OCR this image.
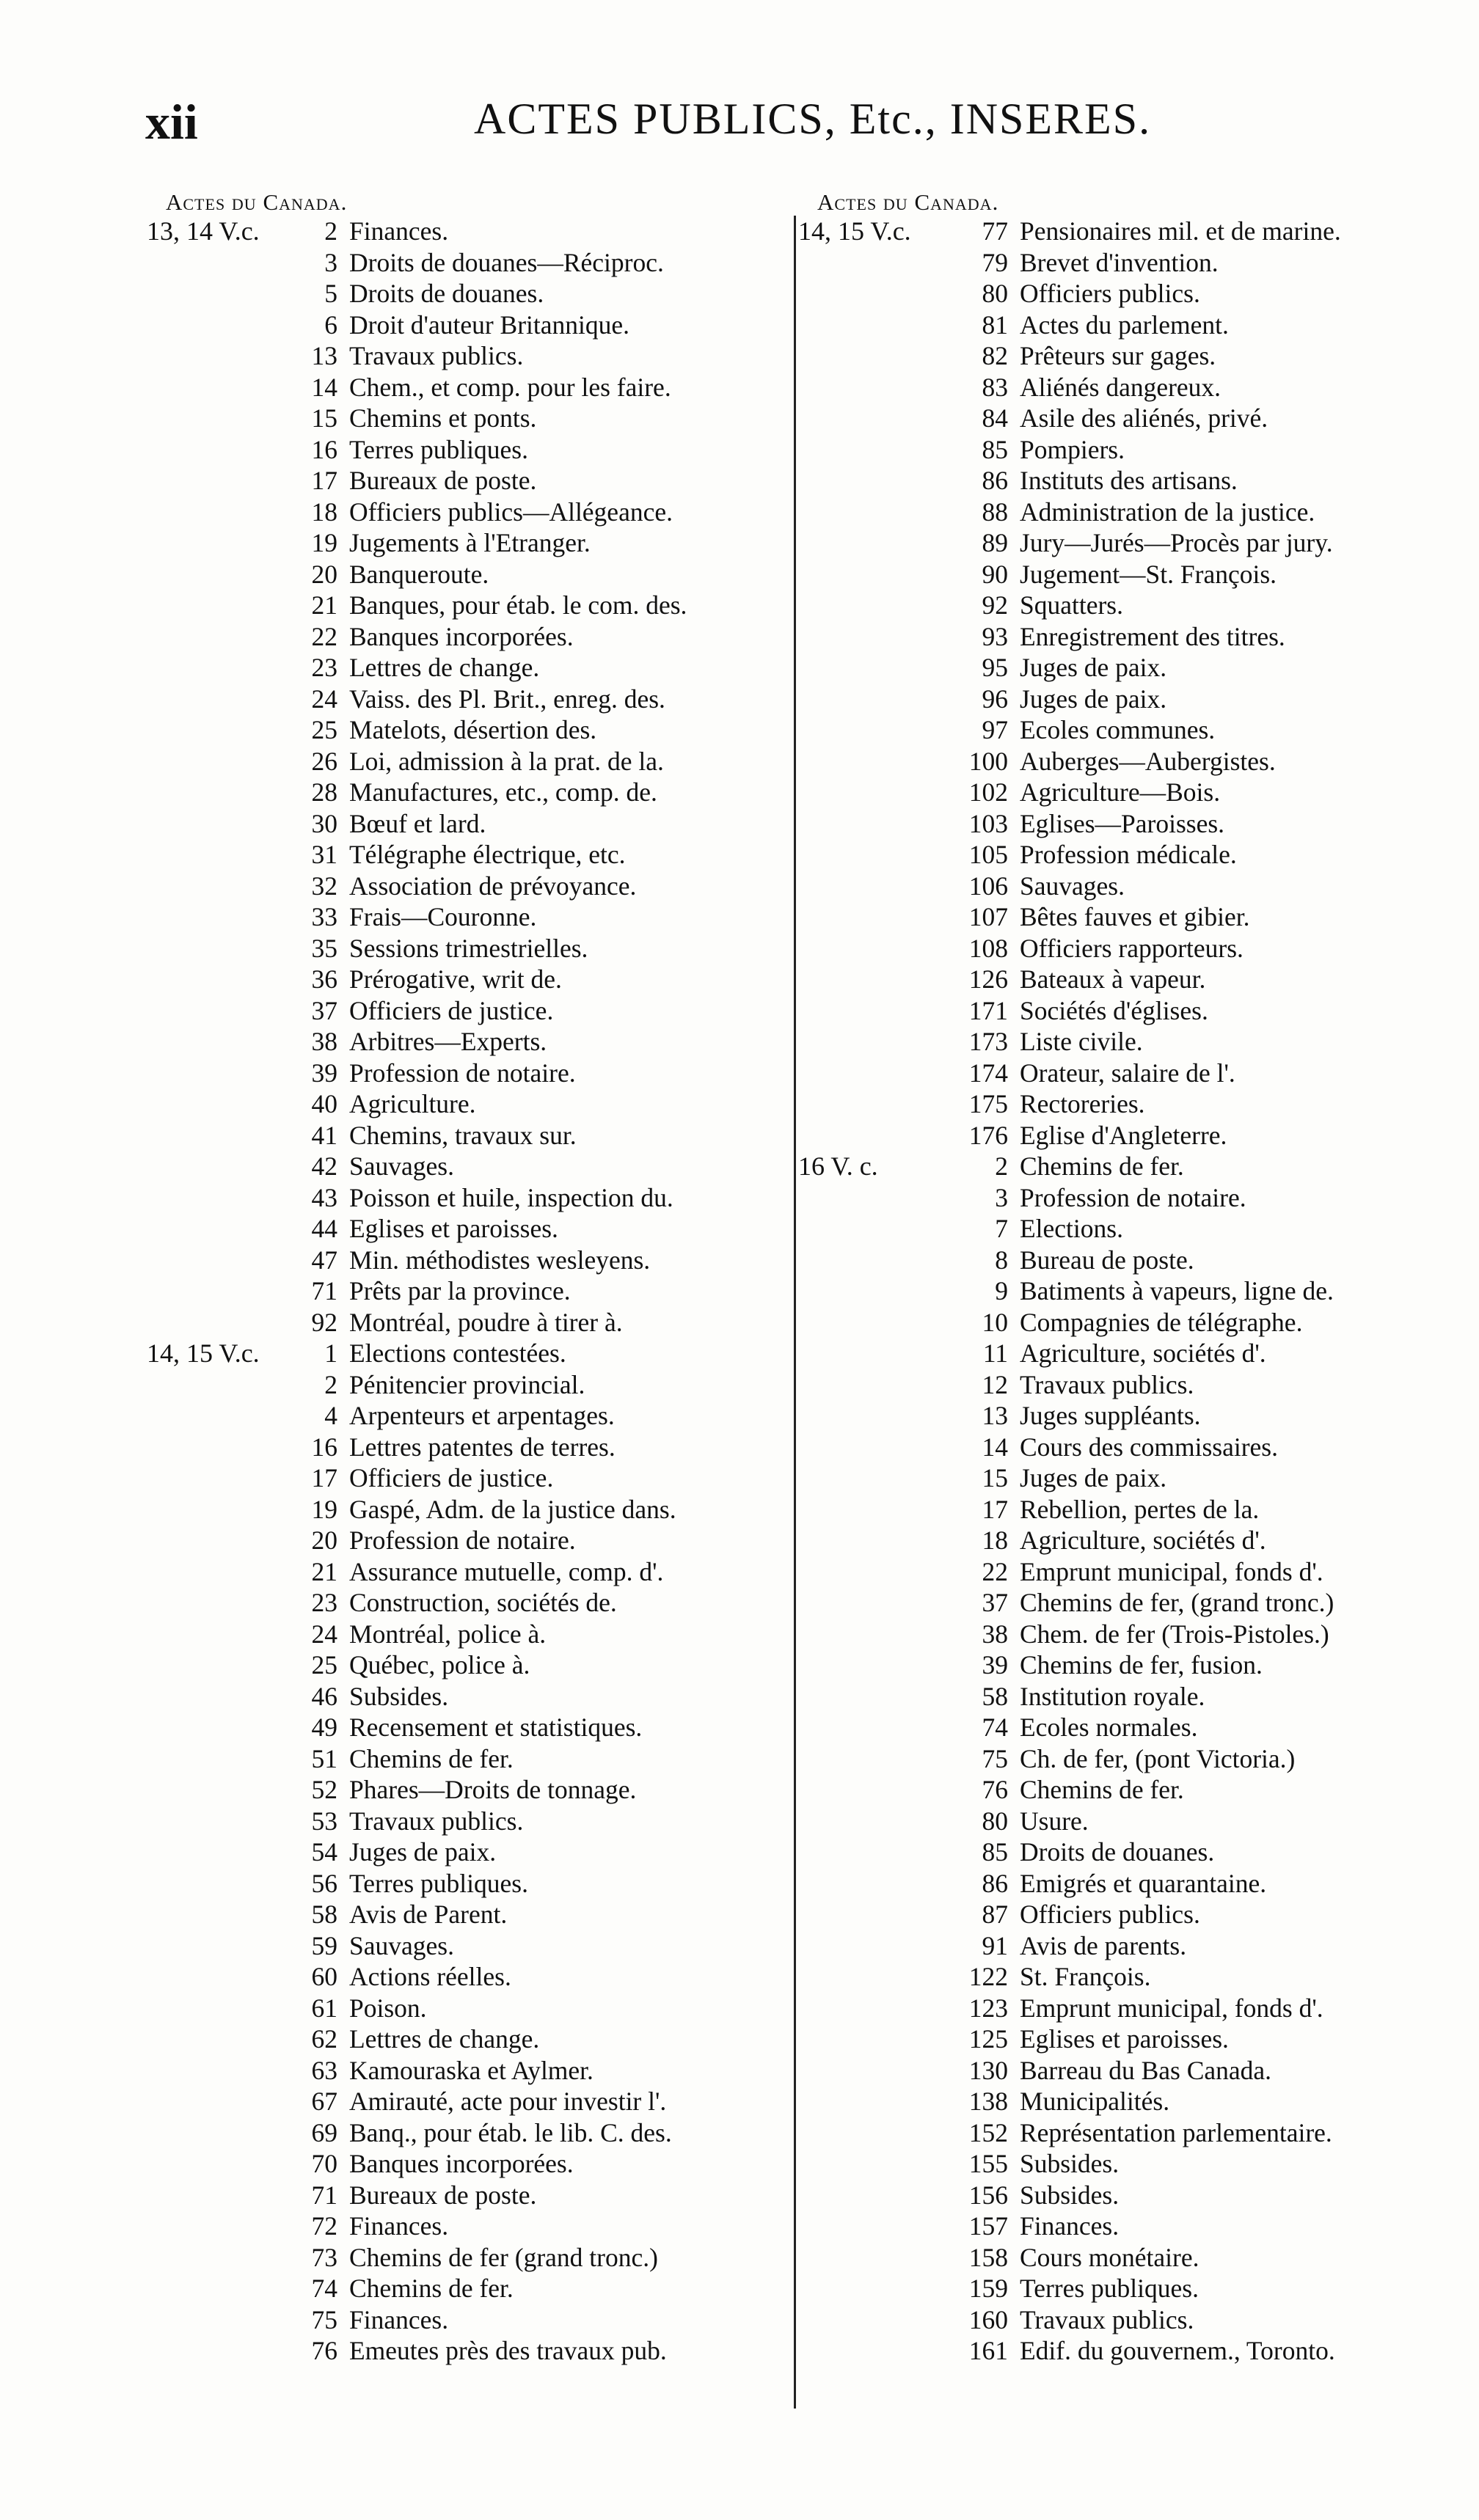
xii	ACTES PUBLICS, Etc., INSERES.
Actes du Canada.
13, 14 V.c.	2 Finances.
3 Droits de douanes—Réciproc.
5 Droits de douanes.
6 Droit d'auteur Britannique.
13 Travaux publics.
14 Chem., et comp. pour les faire.
15 Chemins et ponts.
16 Terres publiques.
17 Bureaux de poste.
18 Officiers publics—Allégeance.
19 Jugements à l'Etranger.
20 Banqueroute.
21 Banques, pour étab. le com. des.
22 Banques incorporées.
23 Lettres de change.
24 Vaiss. des Pl. Brit., enreg. des.
25 Matelots, désertion des.
26 Loi, admission à la prat. de la.
28 Manufactures, etc., comp. de.
30 Bœuf et lard.
31 Télégraphe électrique, etc.
32 Association de prévoyance.
33 Frais—Couronne.
35 Sessions trimestrielles.
36 Prérogative, writ de.
37 Officiers de justice.
38 Arbitres—Experts.
39 Profession de notaire.
40 Agriculture.
41 Chemins, travaux sur.
42 Sauvages.
43 Poisson et huile, inspection du.
44 Eglises et paroisses.
47 Min. méthodistes wesleyens.
71 Prêts par la province.
92 Montréal, poudre à tirer à.
14, 15 V.c.	1 Elections contestées.
2 Pénitencier provincial.
4 Arpenteurs et arpentages.
16 Lettres patentes de terres.
17 Officiers de justice.
19 Gaspé, Adm. de la justice dans.
20 Profession de notaire.
21 Assurance mutuelle, comp. d'.
23 Construction, sociétés de.
24 Montréal, police à.
25 Québec, police à.
46 Subsides.
49 Recensement et statistiques.
51 Chemins de fer.
52 Phares—Droits de tonnage.
53 Travaux publics.
54 Juges de paix.
56 Terres publiques.
58 Avis de Parent.
59 Sauvages.
60 Actions réelles.
61 Poison.
62 Lettres de change.
63 Kamouraska et Aylmer.
67 Amirauté, acte pour investir l'.
69 Banq., pour étab. le lib. C. des.
70 Banques incorporées.
71 Bureaux de poste.
72 Finances.
73 Chemins de fer (grand tronc.)
74 Chemins de fer.
75 Finances.
76 Emeutes près des travaux pub.
Actes du Canada.
14, 15 V.c.	77 Pensionaires mil. et de marine.
79 Brevet d'invention.
80 Officiers publics.
81 Actes du parlement.
82 Prêteurs sur gages.
83 Aliénés dangereux.
84 Asile des aliénés, privé.
85 Pompiers.
86 Instituts des artisans.
88 Administration de la justice.
89 Jury—Jurés—Procès par jury.
90 Jugement—St. François.
92 Squatters.
93 Enregistrement des titres.
95 Juges de paix.
96 Juges de paix.
97 Ecoles communes.
100 Auberges—Aubergistes.
102 Agriculture—Bois.
103 Eglises—Paroisses.
105 Profession médicale.
106 Sauvages.
107 Bêtes fauves et gibier.
108 Officiers rapporteurs.
126 Bateaux à vapeur.
171 Sociétés d'églises.
173 Liste civile.
174 Orateur, salaire de l'.
175 Rectoreries.
176 Eglise d'Angleterre.
16 V. c.	2 Chemins de fer.
3 Profession de notaire.
7 Elections.
8 Bureau de poste.
9 Batiments à vapeurs, ligne de.
10 Compagnies de télégraphe.
11 Agriculture, sociétés d'.
12 Travaux publics.
13 Juges suppléants.
14 Cours des commissaires.
15 Juges de paix.
17 Rebellion, pertes de la.
18 Agriculture, sociétés d'.
22 Emprunt municipal, fonds d'.
37 Chemins de fer, (grand tronc.)
38 Chem. de fer (Trois-Pistoles.)
39 Chemins de fer, fusion.
58 Institution royale.
74 Ecoles normales.
75 Ch. de fer, (pont Victoria.)
76 Chemins de fer.
80 Usure.
85 Droits de douanes.
86 Emigrés et quarantaine.
87 Officiers publics.
91 Avis de parents.
122 St. François.
123 Emprunt municipal, fonds d'.
125 Eglises et paroisses.
130 Barreau du Bas Canada.
138 Municipalités.
152 Représentation parlementaire.
155 Subsides.
156 Subsides.
157 Finances.
158 Cours monétaire.
159 Terres publiques.
160 Travaux publics.
161 Edif. du gouvernem., Toronto.
